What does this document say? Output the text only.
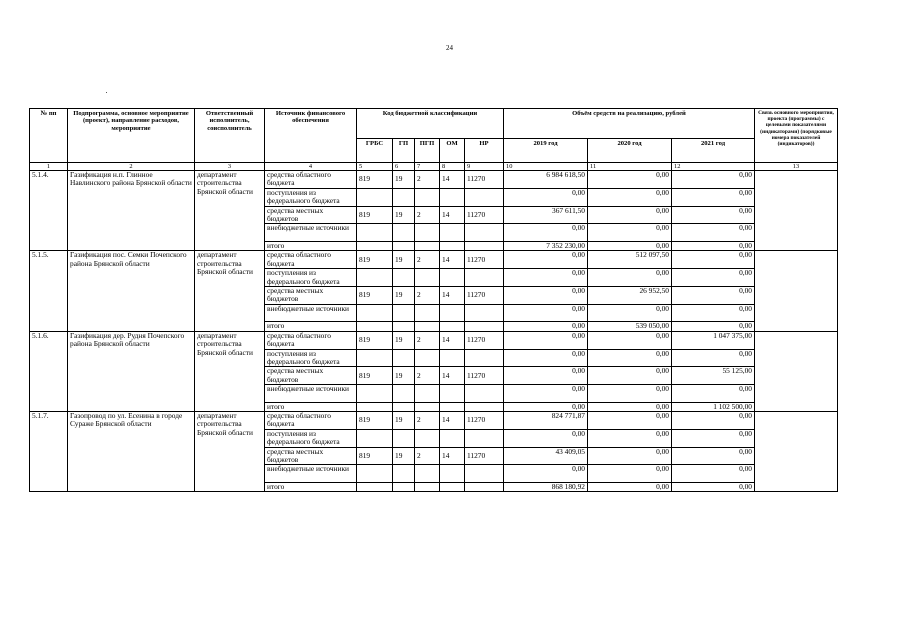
24
№ пп	Подпрограмма, основное мероприятие (проект), направление расходов, мероприятие	Ответственный исполнитель, соисполнитель	Источник финансового обеспечения	Код бюджетной классификации					Объём средств на реализацию, рублей			Связь основного мероприятия, проекта (программы) с целевыми показателями (индикаторами) (порядковые номера показателей (индикаторов))
				ГРБС	ГП	ПГП	ОМ	НР	2019 год	2020 год	2021 год	
1	2	3	4	5	6	7	8	9	10	11	12	13
5.1.4.	Газификация н.п. Глинное Навлинского района Брянской области	департамент строительства Брянской области	средства областного бюджета	819	19	2	14	11270	6 984 618,50	0,00	0,00	
			поступления из федерального бюджета						0,00	0,00	0,00	
			средства местных бюджетов	819	19	2	14	11270	367 611,50	0,00	0,00	
			внебюджетные источники						0,00	0,00	0,00	
			итого						7 352 230,00	0,00	0,00	
5.1.5.	Газификация пос. Семки Почепского района Брянской области	департамент строительства Брянской области	средства областного бюджета	819	19	2	14	11270	0,00	512 097,50	0,00	
			поступления из федерального бюджета						0,00	0,00	0,00	
			средства местных бюджетов	819	19	2	14	11270	0,00	26 952,50	0,00	
			внебюджетные источники						0,00	0,00	0,00	
			итого						0,00	539 050,00	0,00	
5.1.6.	Газификация дер. Рудня Почепского района Брянской области	департамент строительства Брянской области	средства областного бюджета	819	19	2	14	11270	0,00	0,00	1 047 375,00	
			поступления из федерального бюджета						0,00	0,00	0,00	
			средства местных бюджетов	819	19	2	14	11270	0,00	0,00	55 125,00	
			внебюджетные источники						0,00	0,00	0,00	
			итого						0,00	0,00	1 102 500,00	
5.1.7.	Газопровод по ул. Есенина в городе Сураже Брянской области	департамент строительства Брянской области	средства областного бюджета	819	19	2	14	11270	824 771,87	0,00	0,00	
			поступления из федерального бюджета						0,00	0,00	0,00	
			средства местных бюджетов	819	19	2	14	11270	43 409,05	0,00	0,00	
			внебюджетные источники						0,00	0,00	0,00	
			итого						868 180,92	0,00	0,00	
